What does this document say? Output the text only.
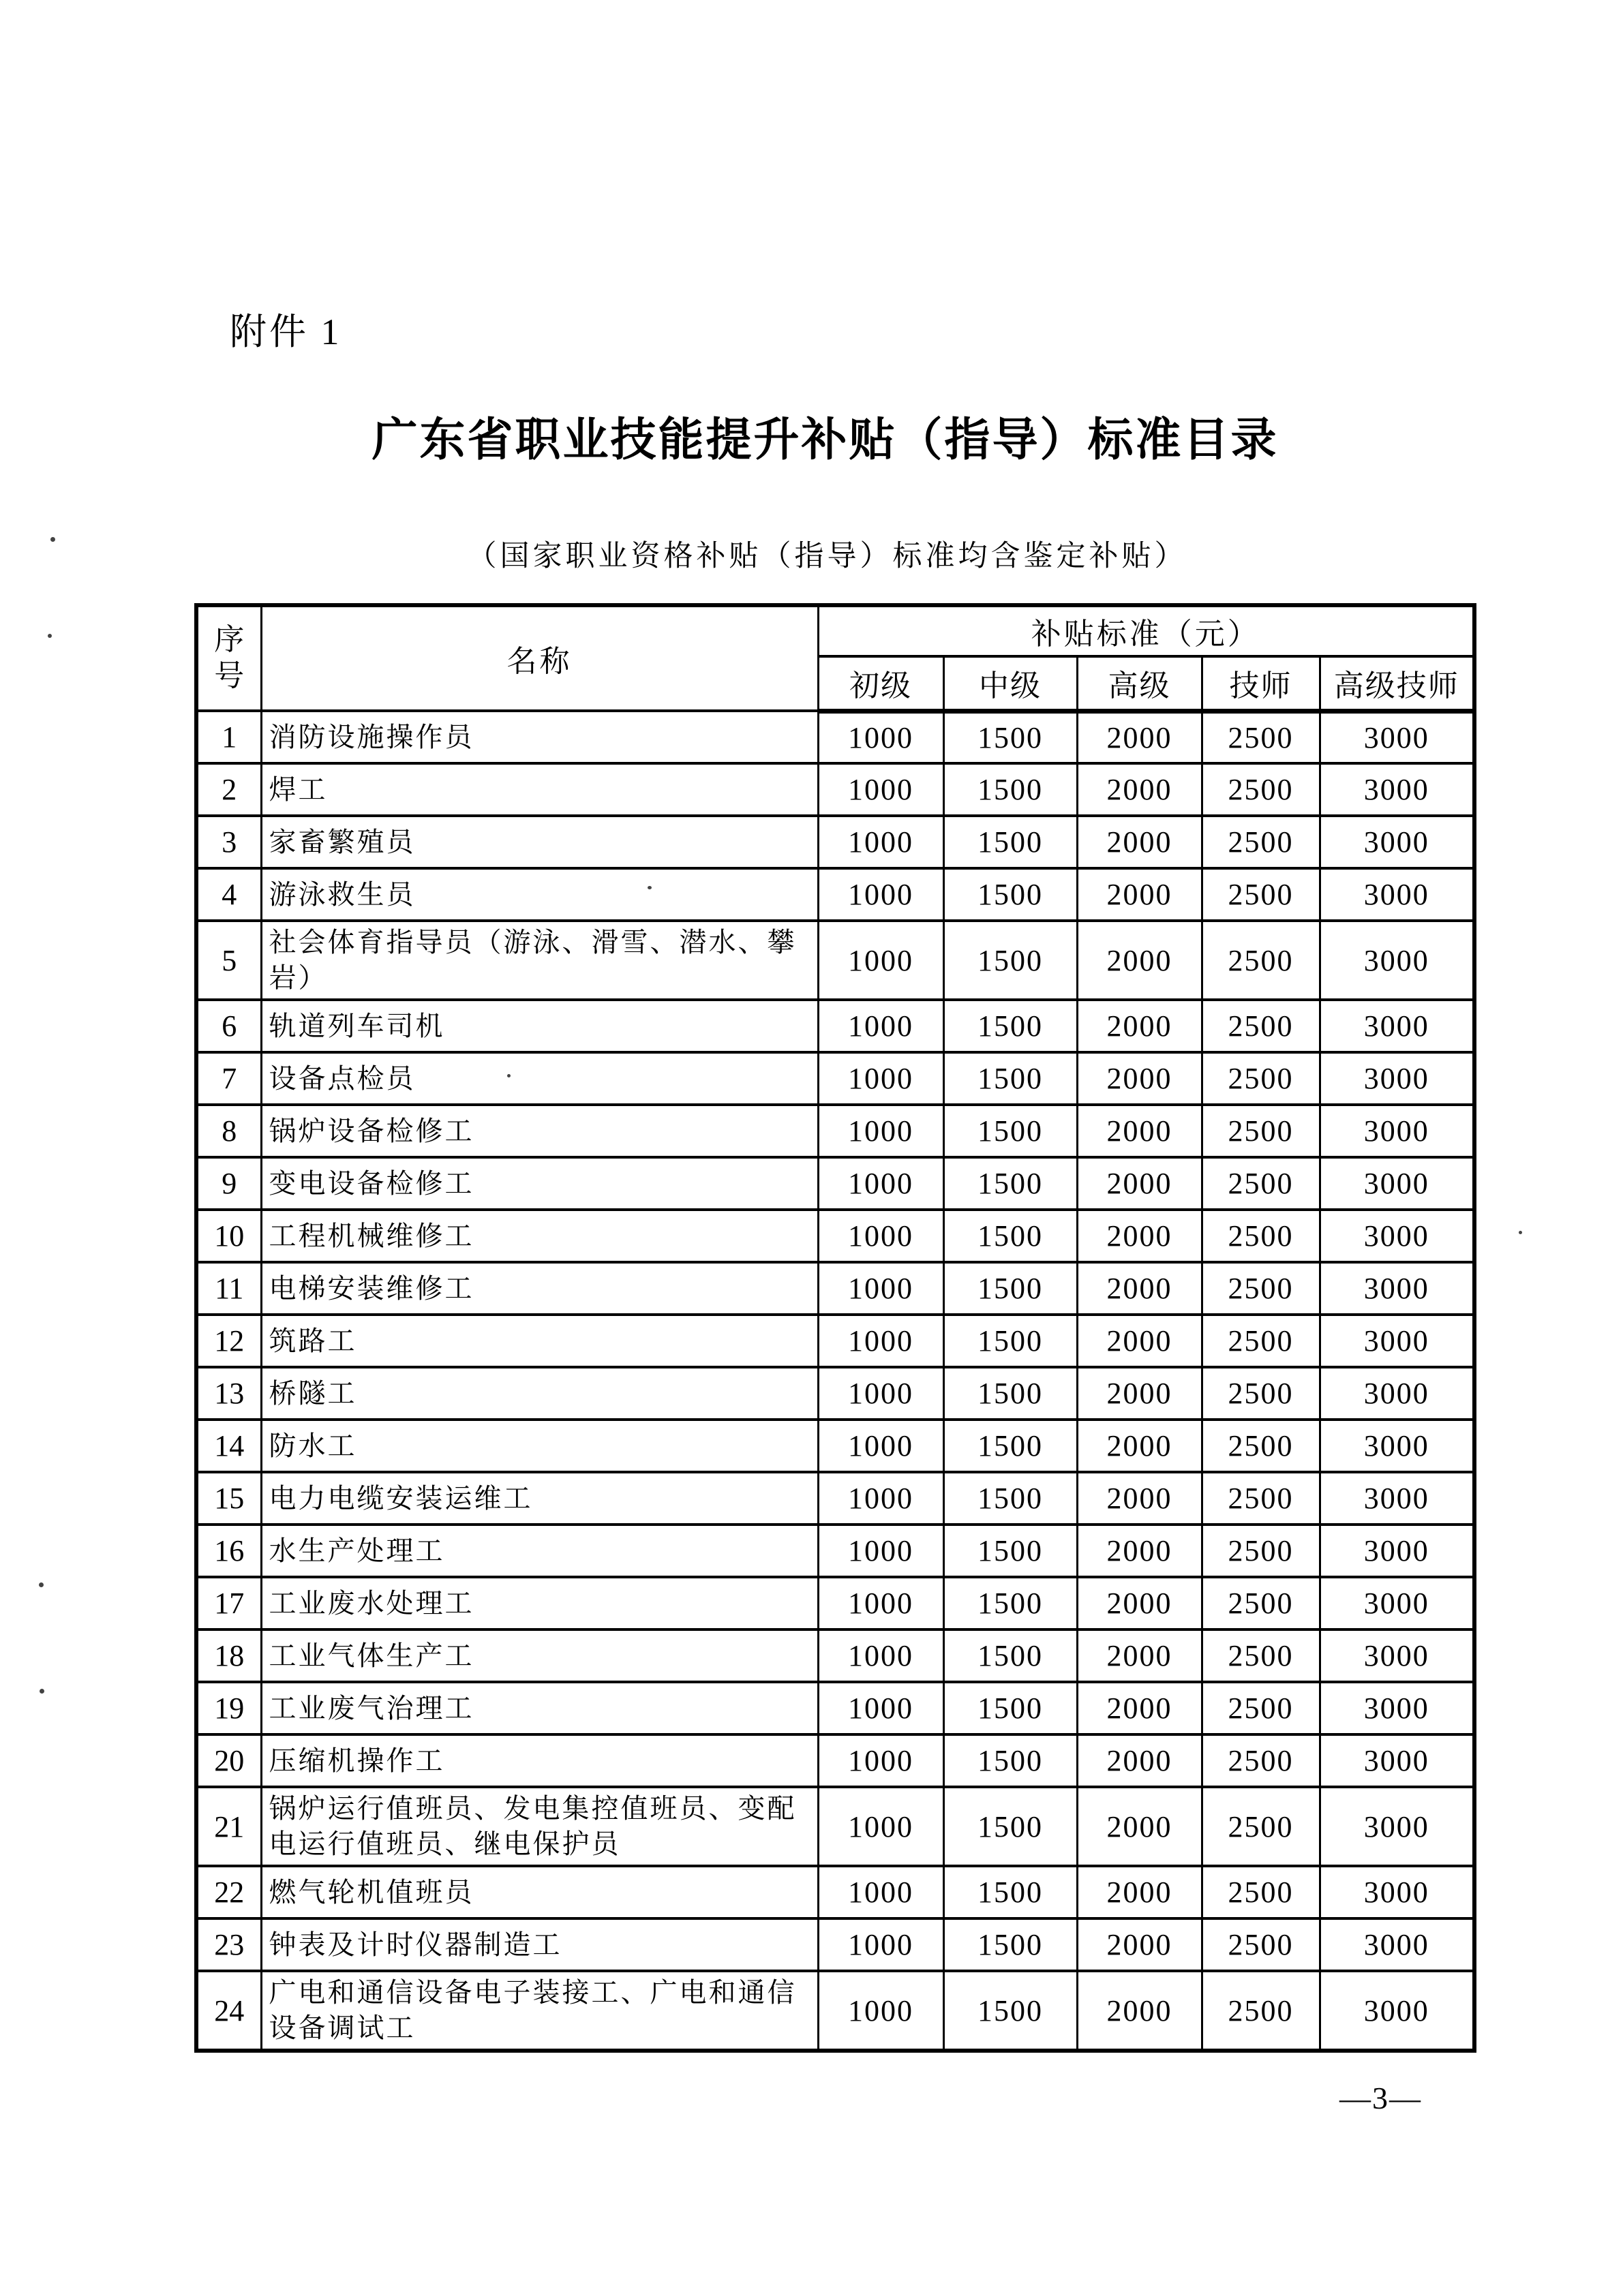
附件 1
广东省职业技能提升补贴（指导）标准目录
（国家职业资格补贴（指导）标准均含鉴定补贴）
序号	名称	补贴标准（元）				
		初级	中级	高级	技师	高级技师
1	消防设施操作员	1000	1500	2000	2500	3000
2	焊工	1000	1500	2000	2500	3000
3	家畜繁殖员	1000	1500	2000	2500	3000
4	游泳救生员	1000	1500	2000	2500	3000
5	社会体育指导员（游泳、滑雪、潜水、攀岩）	1000	1500	2000	2500	3000
6	轨道列车司机	1000	1500	2000	2500	3000
7	设备点检员	1000	1500	2000	2500	3000
8	锅炉设备检修工	1000	1500	2000	2500	3000
9	变电设备检修工	1000	1500	2000	2500	3000
10	工程机械维修工	1000	1500	2000	2500	3000
11	电梯安装维修工	1000	1500	2000	2500	3000
12	筑路工	1000	1500	2000	2500	3000
13	桥隧工	1000	1500	2000	2500	3000
14	防水工	1000	1500	2000	2500	3000
15	电力电缆安装运维工	1000	1500	2000	2500	3000
16	水生产处理工	1000	1500	2000	2500	3000
17	工业废水处理工	1000	1500	2000	2500	3000
18	工业气体生产工	1000	1500	2000	2500	3000
19	工业废气治理工	1000	1500	2000	2500	3000
20	压缩机操作工	1000	1500	2000	2500	3000
21	锅炉运行值班员、发电集控值班员、变配电运行值班员、继电保护员	1000	1500	2000	2500	3000
22	燃气轮机值班员	1000	1500	2000	2500	3000
23	钟表及计时仪器制造工	1000	1500	2000	2500	3000
24	广电和通信设备电子装接工、广电和通信设备调试工	1000	1500	2000	2500	3000
—3—
